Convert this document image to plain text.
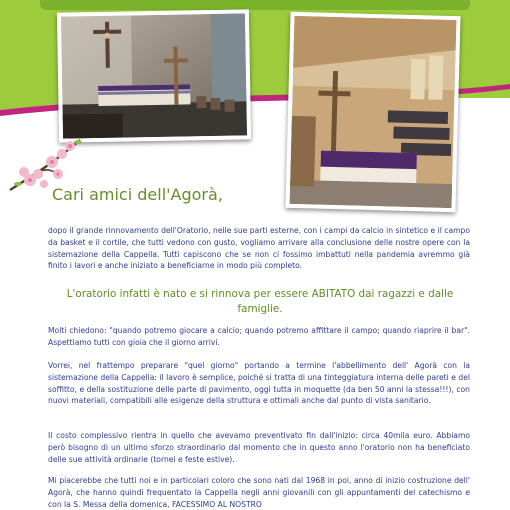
Cari amici dell'Agorà,

dopo il grande rinnovamento dell'Oratorio, nelle sue parti esterne, con i campi da calcio in sintetico e il campo da basket e il cortile, che tutti vedono con gusto, vogliamo arrivare alla conclusione delle nostre opere con la sistemazione della Cappella. Tutti capiscono che se non ci fossimo imbattuti nella pandemia avremmo già finito i lavori e anche iniziato a beneficiarne in modo più completo.

L'oratorio infatti è nato e si rinnova per essere ABITATO dai ragazzi e dalle famiglie.

Molti chiedono: "quando potremo giocare a calcio; quando potremo affittare il campo; quando riaprire il bar". Aspettiamo tutti con gioia che il giorno arrivi.

Vorrei, nel frattempo preparare "quel giorno" portando a termine l'abbellimento dell' Agorà con la sistemazione della Cappella: il lavoro è semplice, poiché si tratta di una tinteggiatura interna delle pareti e del soffitto, e della sostituzione delle parte di pavimento, oggi tutta in moquette (da ben 50 anni la stessa!!!), con nuovi materiali, compatibili alle esigenze della struttura e ottimali anche dal punto di vista sanitario.

Il costo complessivo rientra in quello che avevamo preventivato fin dall'inizio: circa 40mila euro. Abbiamo però bisogno di un ultimo sforzo straordinario dal momento che in questo anno l'oratorio non ha beneficiato delle sue attività ordinarie (tornei e feste estive).

Mi piacerebbe che tutti noi e in particolari coloro che sono nati dal 1968 in poi, anno di inizio costruzione dell' Agorà, che hanno quindi frequentato la Cappella negli anni giovanili con gli appuntamenti del catechismo e con la S. Messa della domenica, FACESSIMO AL NOSTRO
